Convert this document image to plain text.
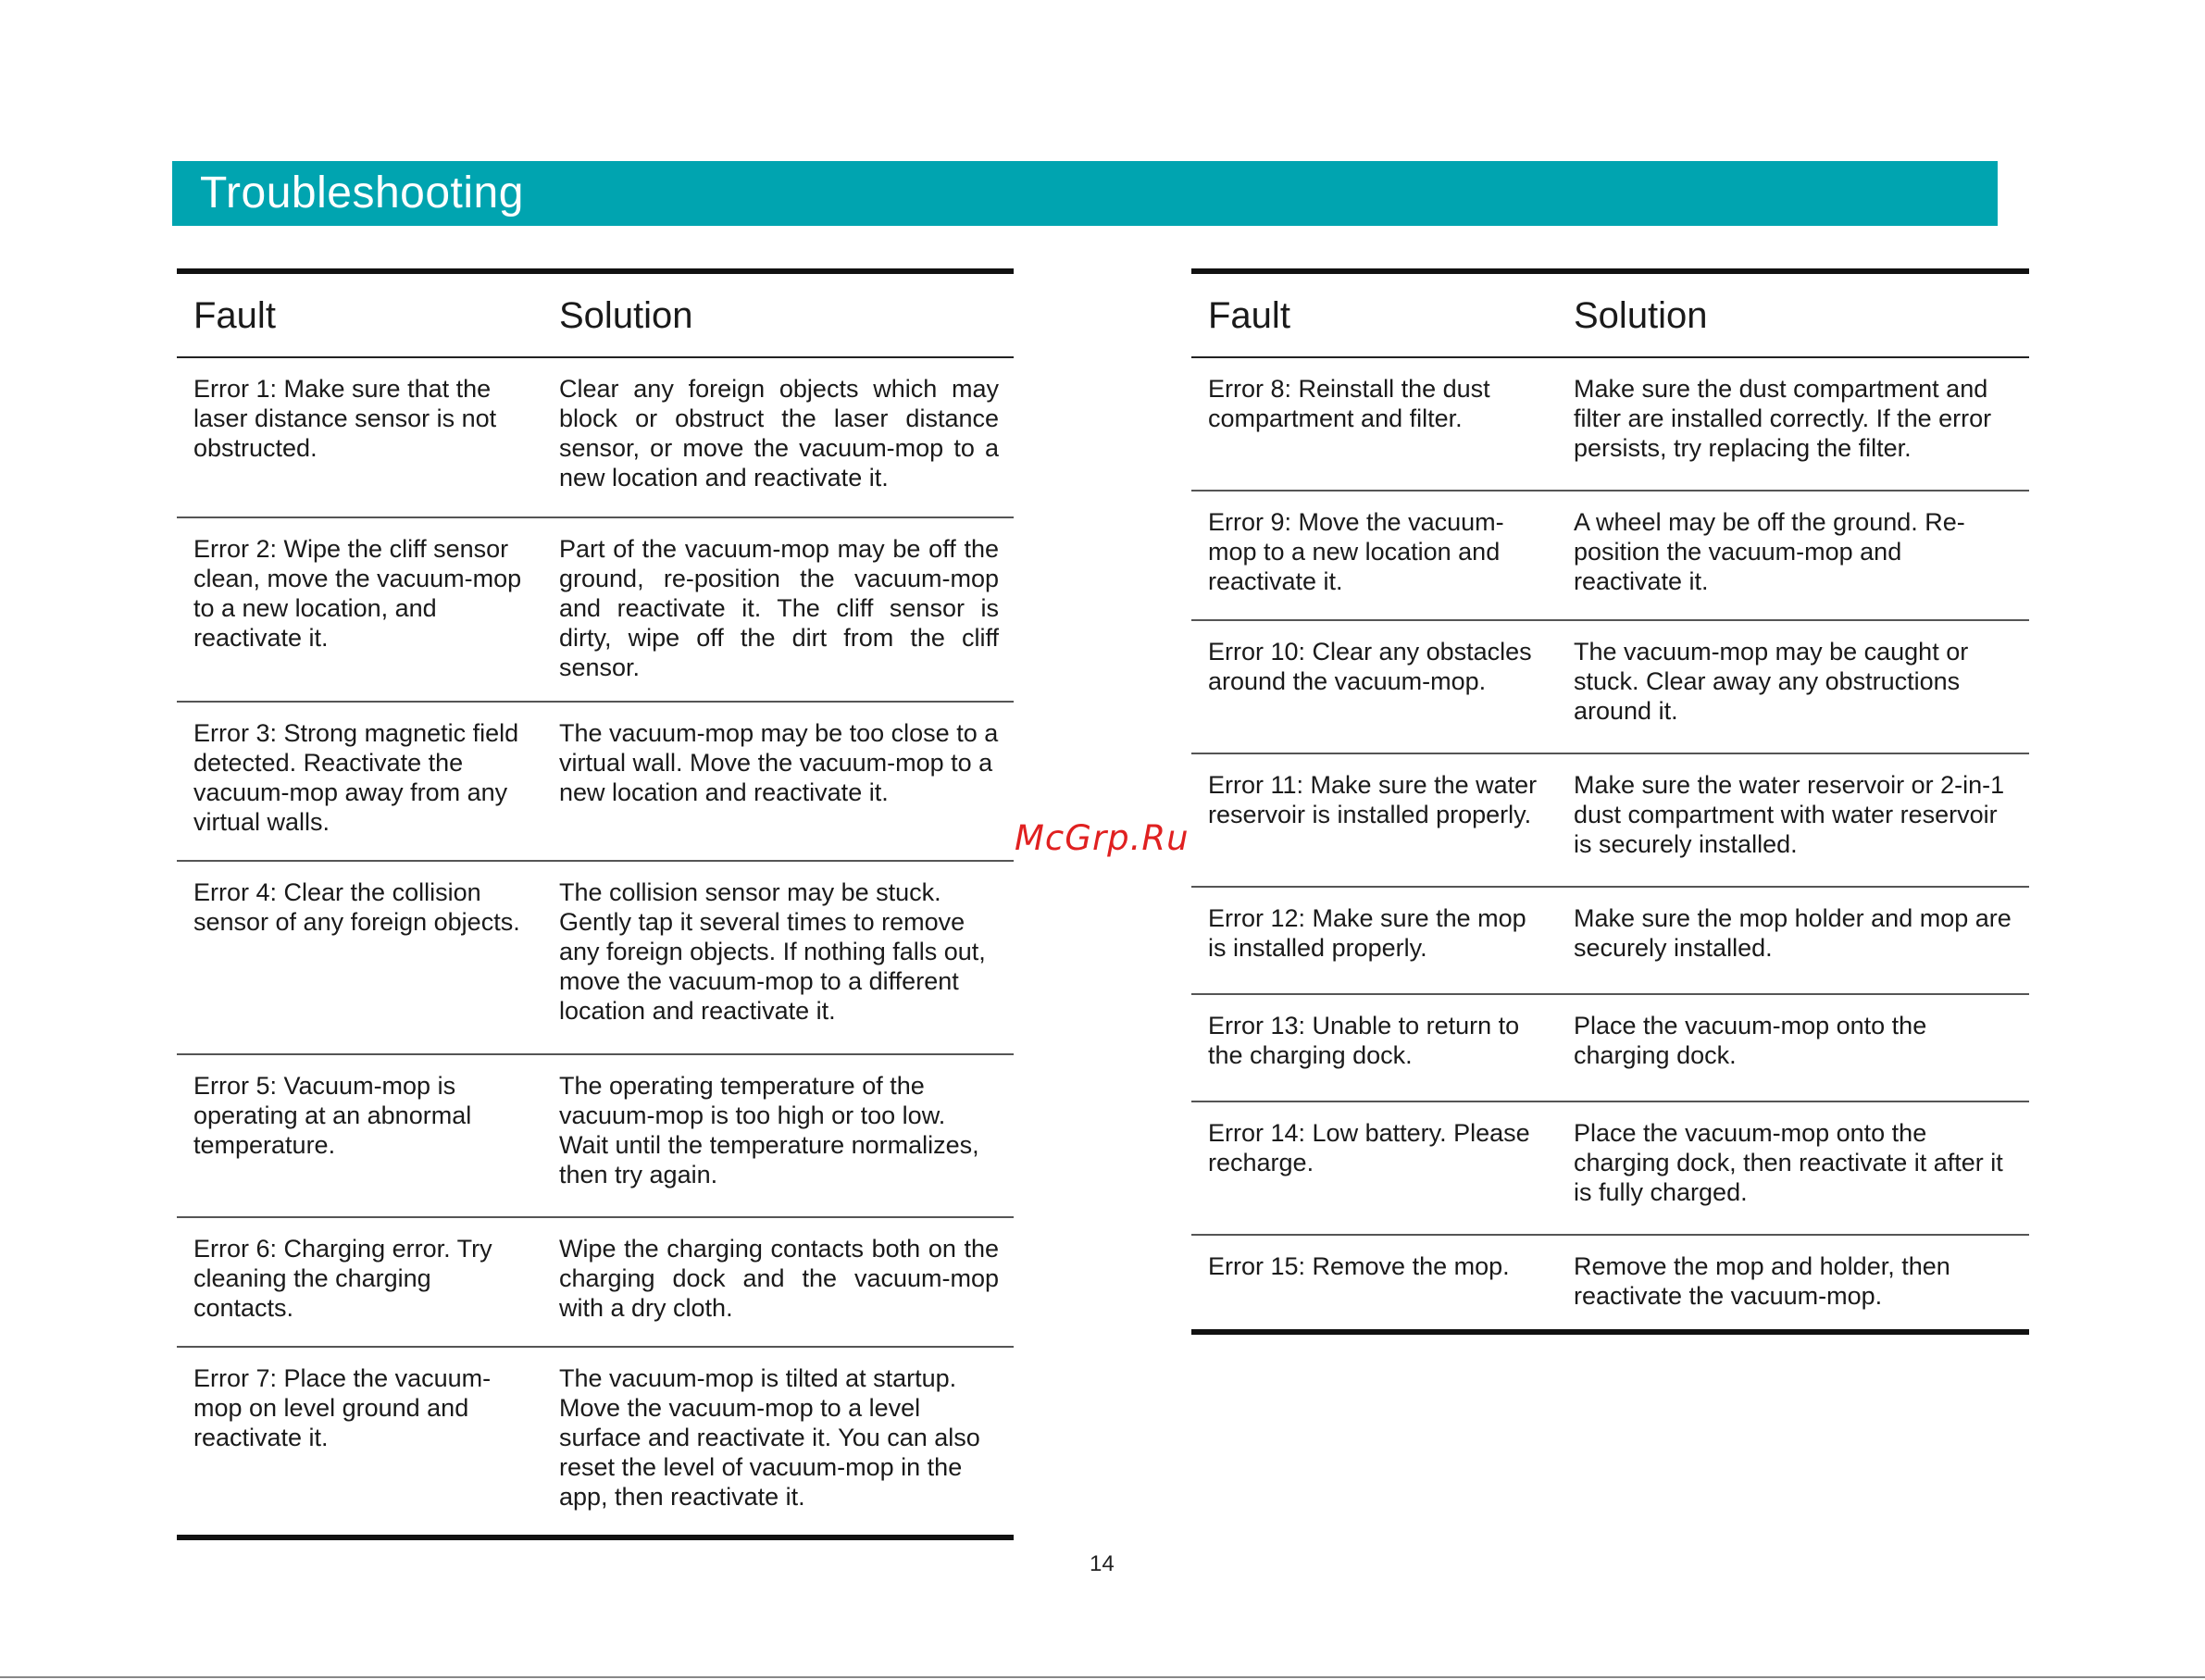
Troubleshooting
Fault	Solution
Error 1: Make sure that the laser distance sensor is not obstructed.	Clear any foreign objects which may block or obstruct the laser distance sensor, or move the vacuum-mop to a new location and reactivate it.
Error 2: Wipe the cliff sensor clean, move the vacuum-mop to a new location, and reactivate it.	Part of the vacuum-mop may be off the ground, re-position the vacuum-mop and reactivate it. The cliff sensor is dirty, wipe off the dirt from the cliff sensor.
Error 3: Strong magnetic field detected. Reactivate the vacuum-mop away from any virtual walls.	The vacuum-mop may be too close to a virtual wall. Move the vacuum-mop to a new location and reactivate it.
Error 4: Clear the collision sensor of any foreign objects.	The collision sensor may be stuck. Gently tap it several times to remove any foreign objects. If nothing falls out, move the vacuum-mop to a different location and reactivate it.
Error 5: Vacuum-mop is operating at an abnormal temperature.	The operating temperature of the vacuum-mop is too high or too low. Wait until the temperature normalizes, then try again.
Error 6: Charging error. Try cleaning the charging contacts.	Wipe the charging contacts both on the charging dock and the vacuum-mop with a dry cloth.
Error 7: Place the vacuum-mop on level ground and reactivate it.	The vacuum-mop is tilted at startup. Move the vacuum-mop to a level surface and reactivate it. You can also reset the level of vacuum-mop in the app, then reactivate it.
Fault	Solution
Error 8: Reinstall the dust compartment and filter.	Make sure the dust compartment and filter are installed correctly. If the error persists, try replacing the filter.
Error 9: Move the vacuum-mop to a new location and reactivate it.	A wheel may be off the ground. Re-position the vacuum-mop and reactivate it.
Error 10: Clear any obstacles around the vacuum-mop.	The vacuum-mop may be caught or stuck. Clear away any obstructions around it.
Error 11: Make sure the water reservoir is installed properly.	Make sure the water reservoir or 2-in-1 dust compartment with water reservoir is securely installed.
Error 12: Make sure the mop is installed properly.	Make sure the mop holder and mop are securely installed.
Error 13: Unable to return to the charging dock.	Place the vacuum-mop onto the charging dock.
Error 14: Low battery. Please recharge.	Place the vacuum-mop onto the charging dock, then reactivate it after it is fully charged.
Error 15: Remove the mop.	Remove the mop and holder, then reactivate the vacuum-mop.
McGrp.Ru
14
